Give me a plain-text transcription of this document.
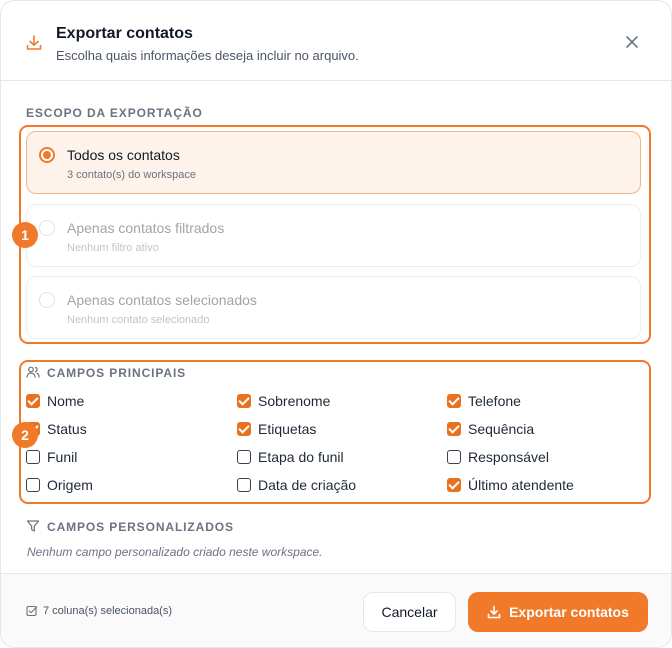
Exportar contatos
Escolha quais informações deseja incluir no arquivo.
ESCOPO DA EXPORTAÇÃO
Todos os contatos
3 contato(s) do workspace
Apenas contatos filtrados
Nenhum filtro ativo
Apenas contatos selecionados
Nenhum contato selecionado
1
CAMPOS PRINCIPAIS
Nome	Sobrenome	Telefone
Status	Etiquetas	Sequência
Funil	Etapa do funil	Responsável
Origem	Data de criação	Último atendente
2
CAMPOS PERSONALIZADOS
Nenhum campo personalizado criado neste workspace.
7 coluna(s) selecionada(s)	Cancelar	Exportar contatos
